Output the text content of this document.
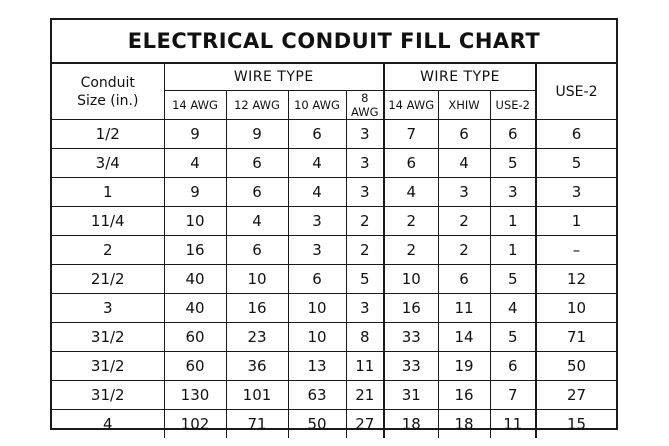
ELECTRICAL CONDUIT FILL CHART
Conduit
Size (in.)	WIRE TYPE				WIRE TYPE			USE-2
	14 AWG	12 AWG	10 AWG	8 AWG	14 AWG	XHIW	USE-2	
1/2	9	9	6	3	7	6	6	6
3/4	4	6	4	3	6	4	5	5
1	9	6	4	3	4	3	3	3
11/4	10	4	3	2	2	2	1	1
2	16	6	3	2	2	2	1	–
21/2	40	10	6	5	10	6	5	12
3	40	16	10	3	16	11	4	10
31/2	60	23	10	8	33	14	5	71
31/2	60	36	13	11	33	19	6	50
31/2	130	101	63	21	31	16	7	27
4	102	71	50	27	18	18	11	15
